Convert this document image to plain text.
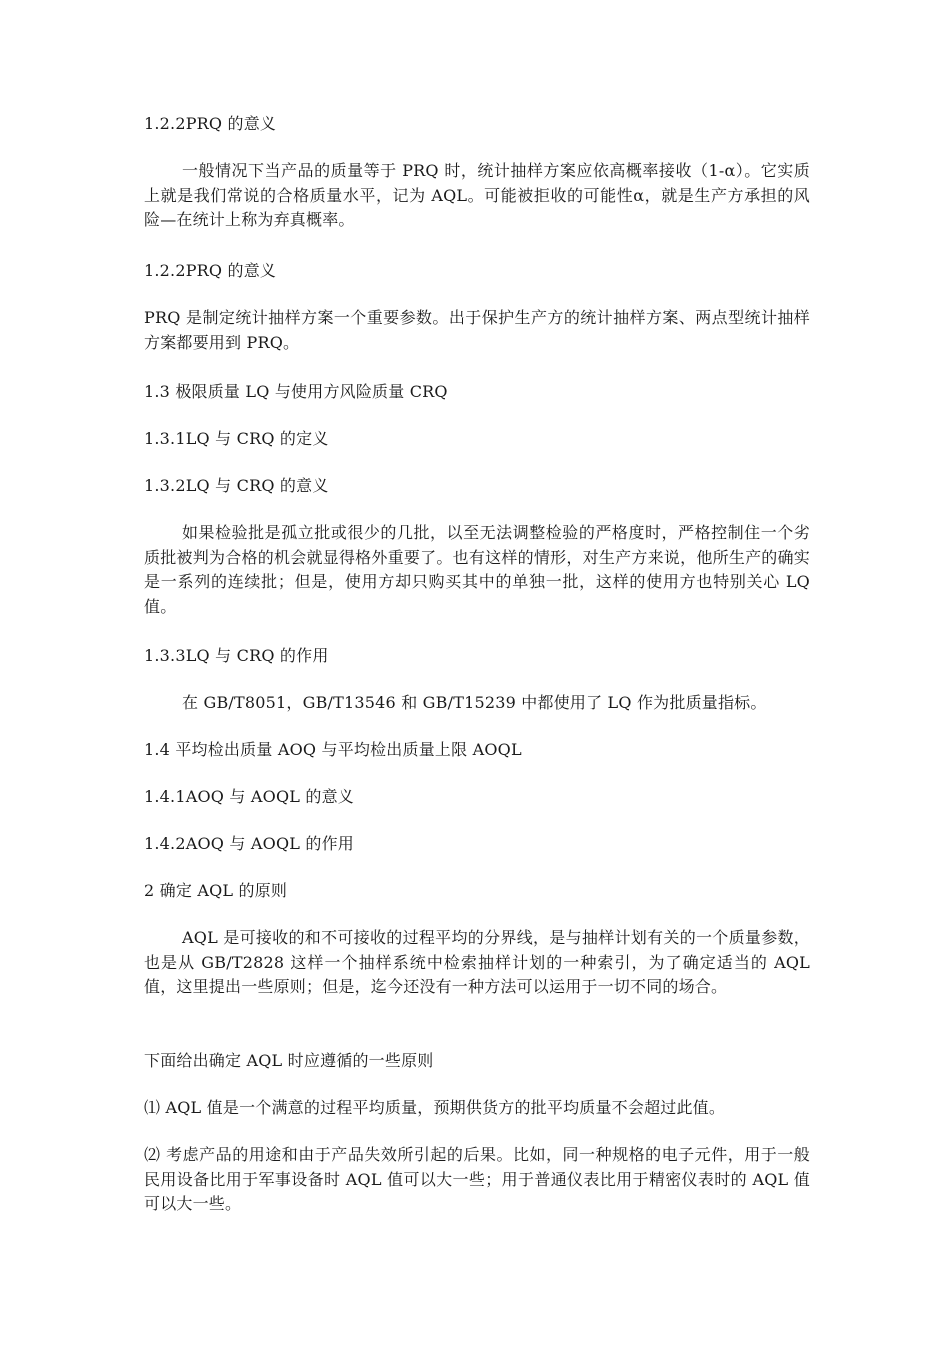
1.2.2PRQ 的意义

一般情况下当产品的质量等于 PRQ 时，统计抽样方案应依高概率接收（1-α）。它实质上就是我们常说的合格质量水平，记为 AQL。可能被拒收的可能性α，就是生产方承担的风险—在统计上称为弃真概率。

1.2.2PRQ 的意义

PRQ 是制定统计抽样方案一个重要参数。出于保护生产方的统计抽样方案、两点型统计抽样方案都要用到 PRQ。

1.3 极限质量 LQ 与使用方风险质量 CRQ

1.3.1LQ 与 CRQ 的定义

1.3.2LQ 与 CRQ 的意义

如果检验批是孤立批或很少的几批，以至无法调整检验的严格度时，严格控制住一个劣质批被判为合格的机会就显得格外重要了。也有这样的情形，对生产方来说，他所生产的确实是一系列的连续批；但是，使用方却只购买其中的单独一批，这样的使用方也特别关心 LQ 值。

1.3.3LQ 与 CRQ 的作用

在 GB/T8051，GB/T13546 和 GB/T15239 中都使用了 LQ 作为批质量指标。

1.4 平均检出质量 AOQ 与平均检出质量上限 AOQL

1.4.1AOQ 与 AOQL 的意义

1.4.2AOQ 与 AOQL 的作用

2 确定 AQL 的原则

AQL 是可接收的和不可接收的过程平均的分界线，是与抽样计划有关的一个质量参数，也是从 GB/T2828 这样一个抽样系统中检索抽样计划的一种索引，为了确定适当的 AQL 值，这里提出一些原则；但是，迄今还没有一种方法可以运用于一切不同的场合。

下面给出确定 AQL 时应遵循的一些原则

⑴ AQL 值是一个满意的过程平均质量，预期供货方的批平均质量不会超过此值。

⑵ 考虑产品的用途和由于产品失效所引起的后果。比如，同一种规格的电子元件，用于一般民用设备比用于军事设备时 AQL 值可以大一些；用于普通仪表比用于精密仪表时的 AQL 值可以大一些。
